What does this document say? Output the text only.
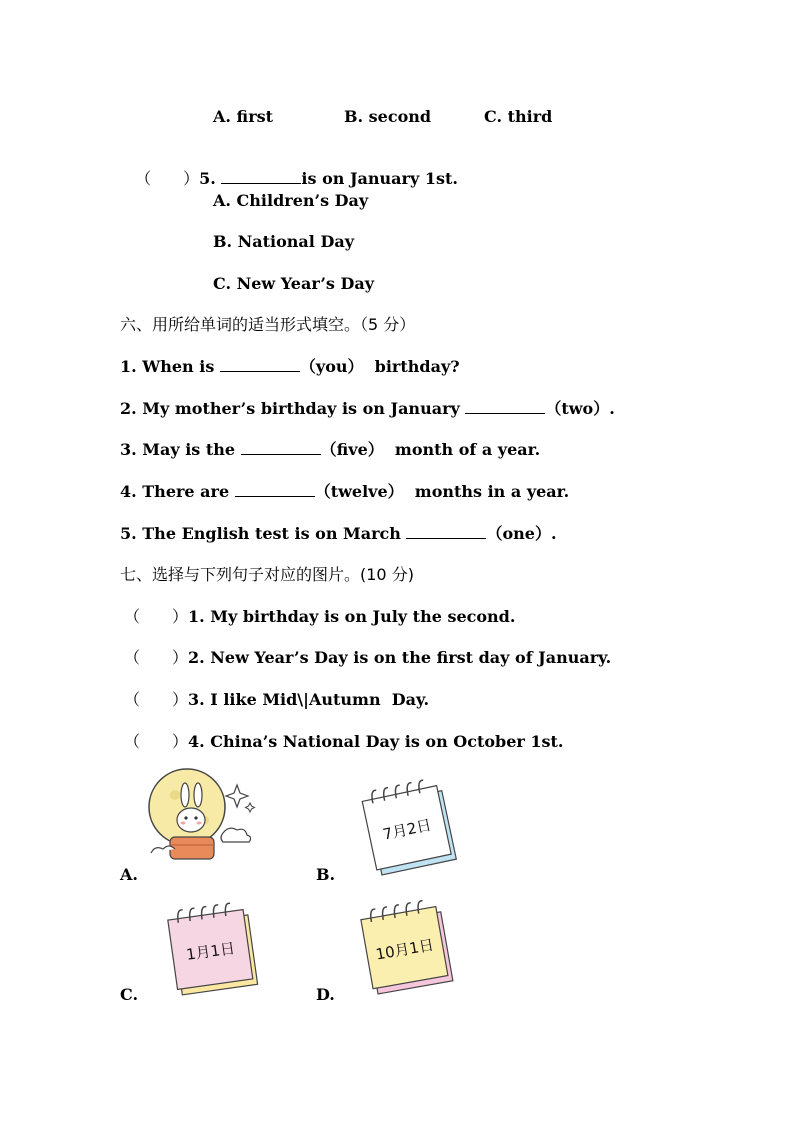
A. first	B. second	C. third

（　　）5.	is on January 1st.

A. Children’s Day
B. National Day
C. New Year’s Day
六、用所给单词的适当形式填空。（5 分）
1. When is	（you）  birthday?
2. My mother’s birthday is on January	（two）.
3. May is the	（five）  month of a year.
4. There are	（twelve）  months in a year.
5. The English test is on March	（one）.
七、选择与下列句子对应的图片。(10 分)
（　　）1. My birthday is on July the second.
（　　）2. New Year’s Day is on the first day of January.
（　　）3. I like Mid\|Autumn  Day.
（　　）4. China’s National Day is on October 1st.
A.
7月2日
B.
1月1日
C.
10月1日
D.
